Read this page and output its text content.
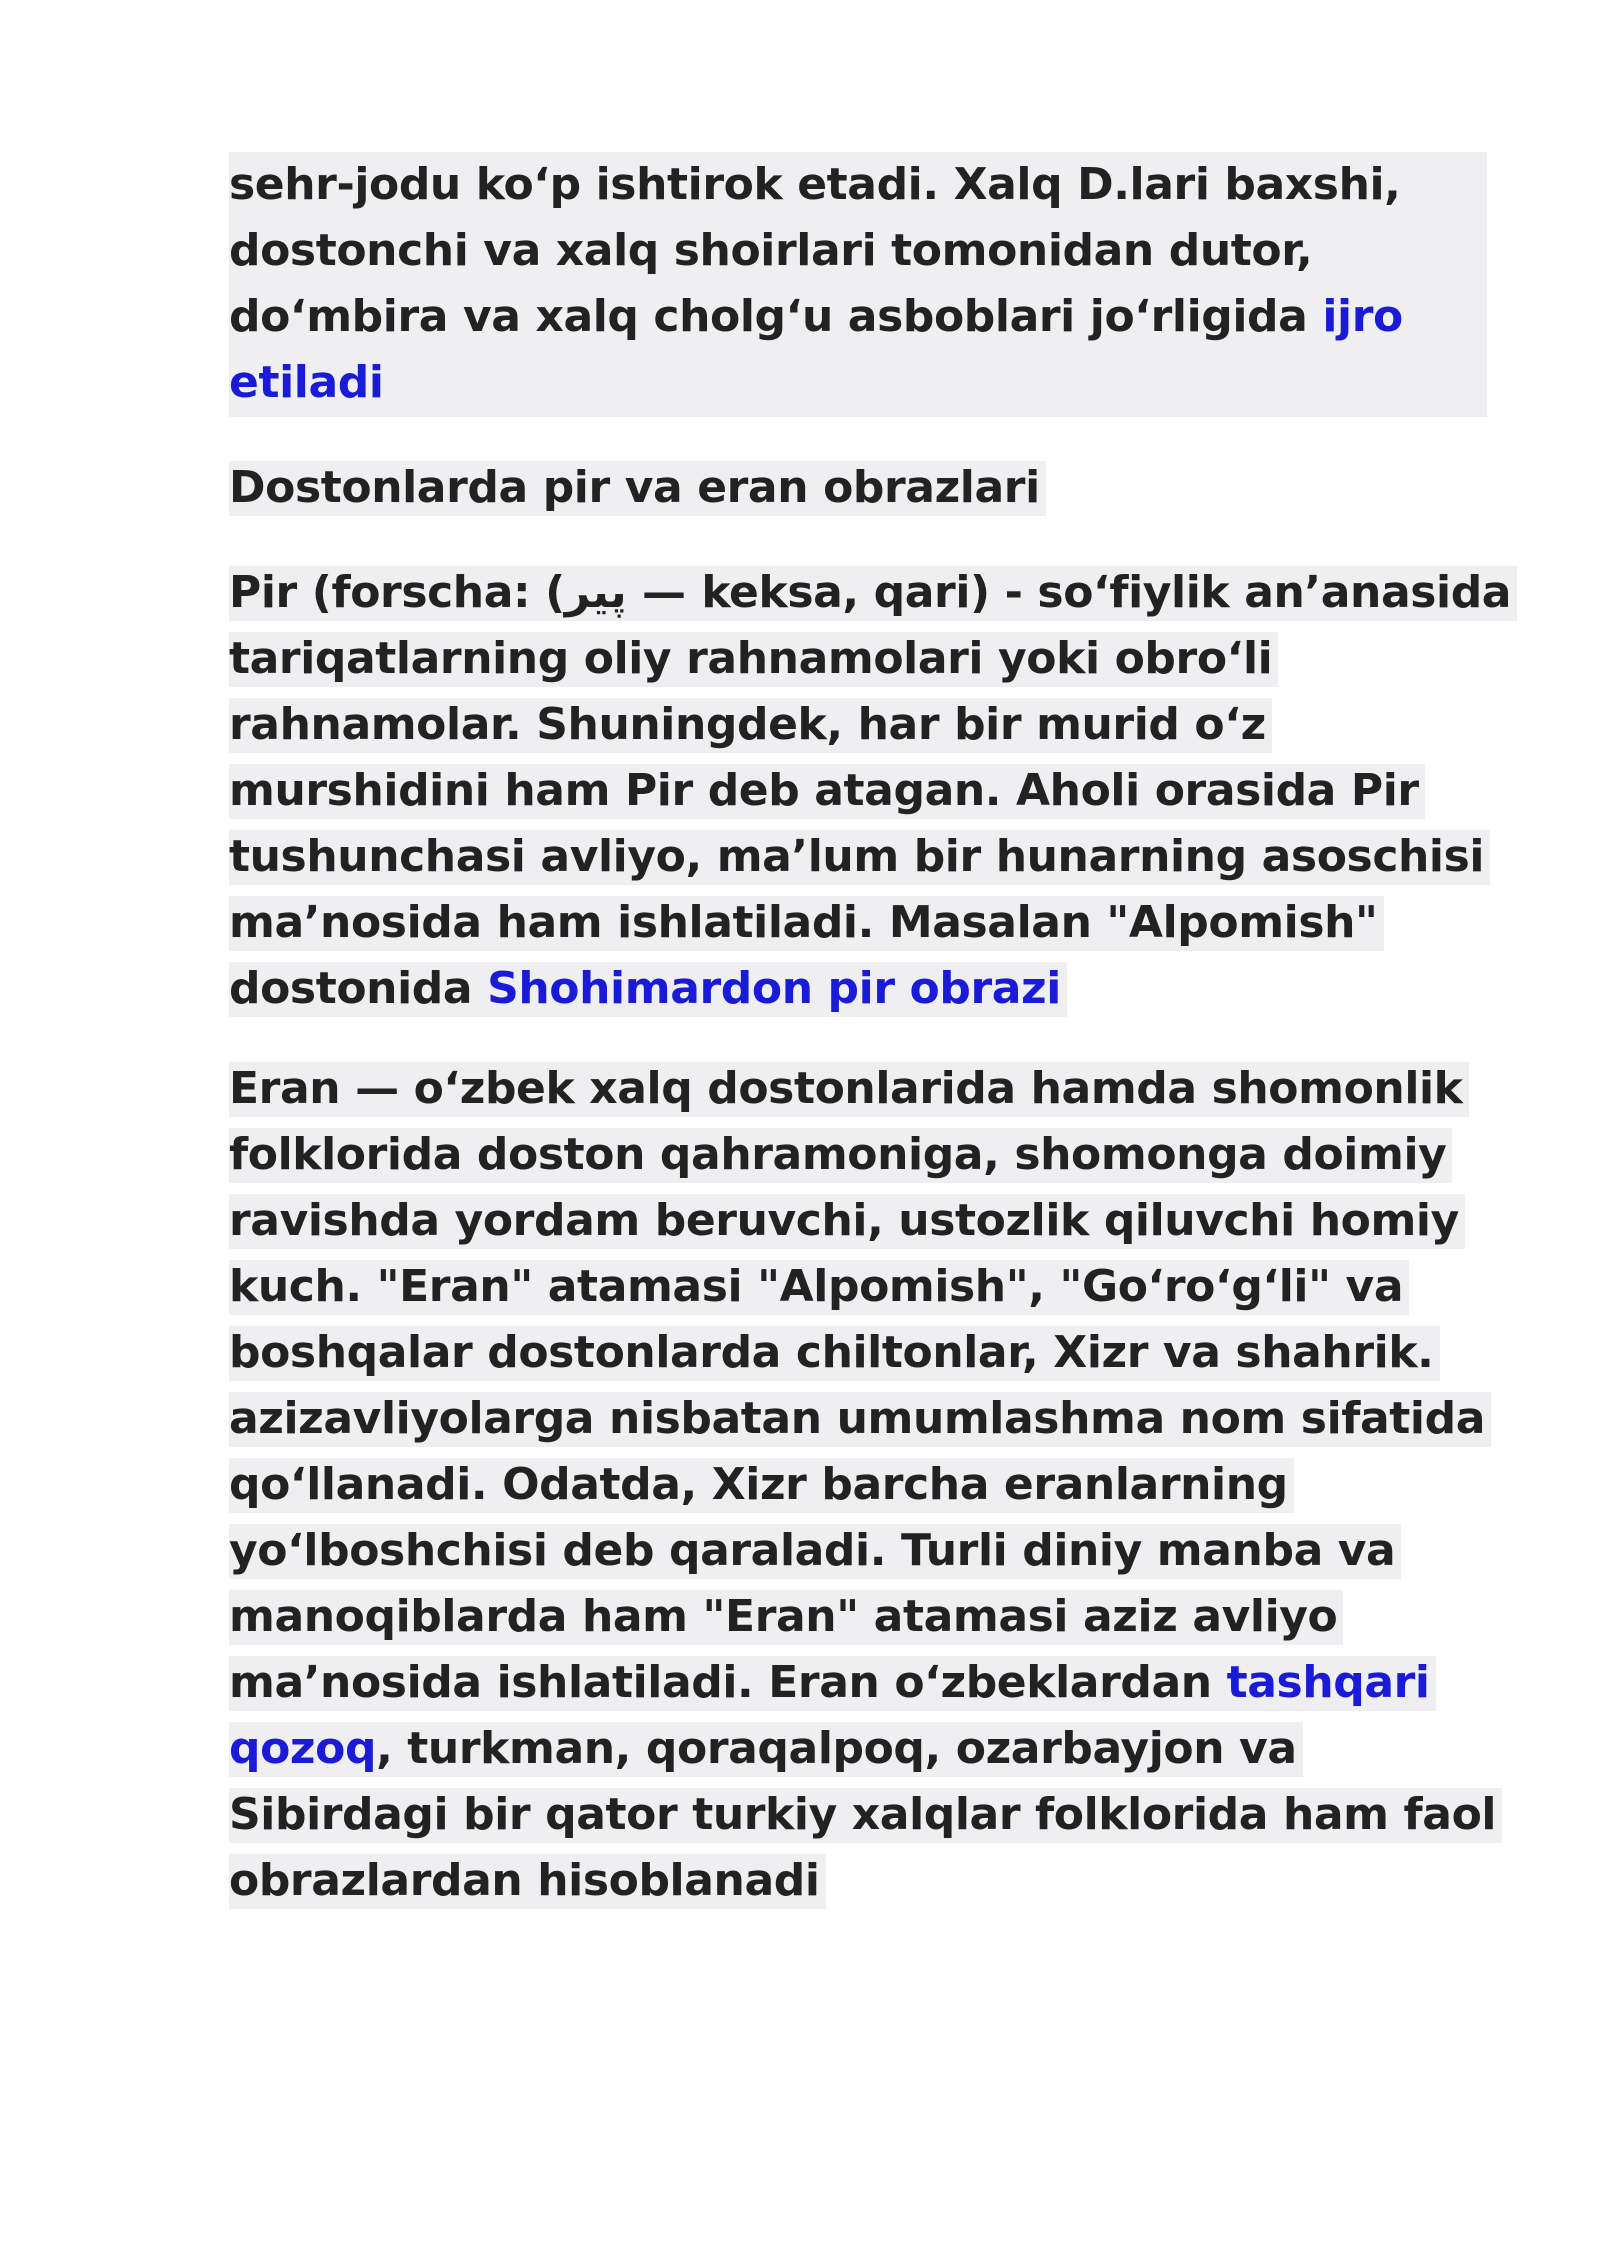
sehr-jodu ko‘p ishtirok etadi. Xalq D.lari baxshi, dostonchi va xalq shoirlari tomonidan dutor, do‘mbira va xalq cholg‘u asboblari jo‘rligida ijro etiladi

Dostonlarda pir va eran obrazlari

Pir (forscha: (پیر — keksa, qari) - so‘fiylik an’anasida tariqatlarning oliy rahnamolari yoki obro‘li rahnamolar. Shuningdek, har bir murid o‘z murshidini ham Pir deb atagan. Aholi orasida Pir tushunchasi avliyo, ma’lum bir hunarning asoschisi ma’nosida ham ishlatiladi. Masalan "Alpomish" dostonida Shohimardon pir obrazi

Eran — o‘zbek xalq dostonlarida hamda shomonlik folklorida doston qahramoniga, shomonga doimiy ravishda yordam beruvchi, ustozlik qiluvchi homiy kuch. "Eran" atamasi "Alpomish", "Go‘ro‘g‘li" va boshqalar dostonlarda chiltonlar, Xizr va shahrik. azizavliyolarga nisbatan umumlashma nom sifatida qo‘llanadi. Odatda, Xizr barcha eranlarning yo‘lboshchisi deb qaraladi. Turli diniy manba va manoqiblarda ham "Eran" atamasi aziz avliyo ma’nosida ishlatiladi. Eran o‘zbeklardan tashqari qozoq, turkman, qoraqalpoq, ozarbayjon va Sibirdagi bir qator turkiy xalqlar folklorida ham faol obrazlardan hisoblanadi
